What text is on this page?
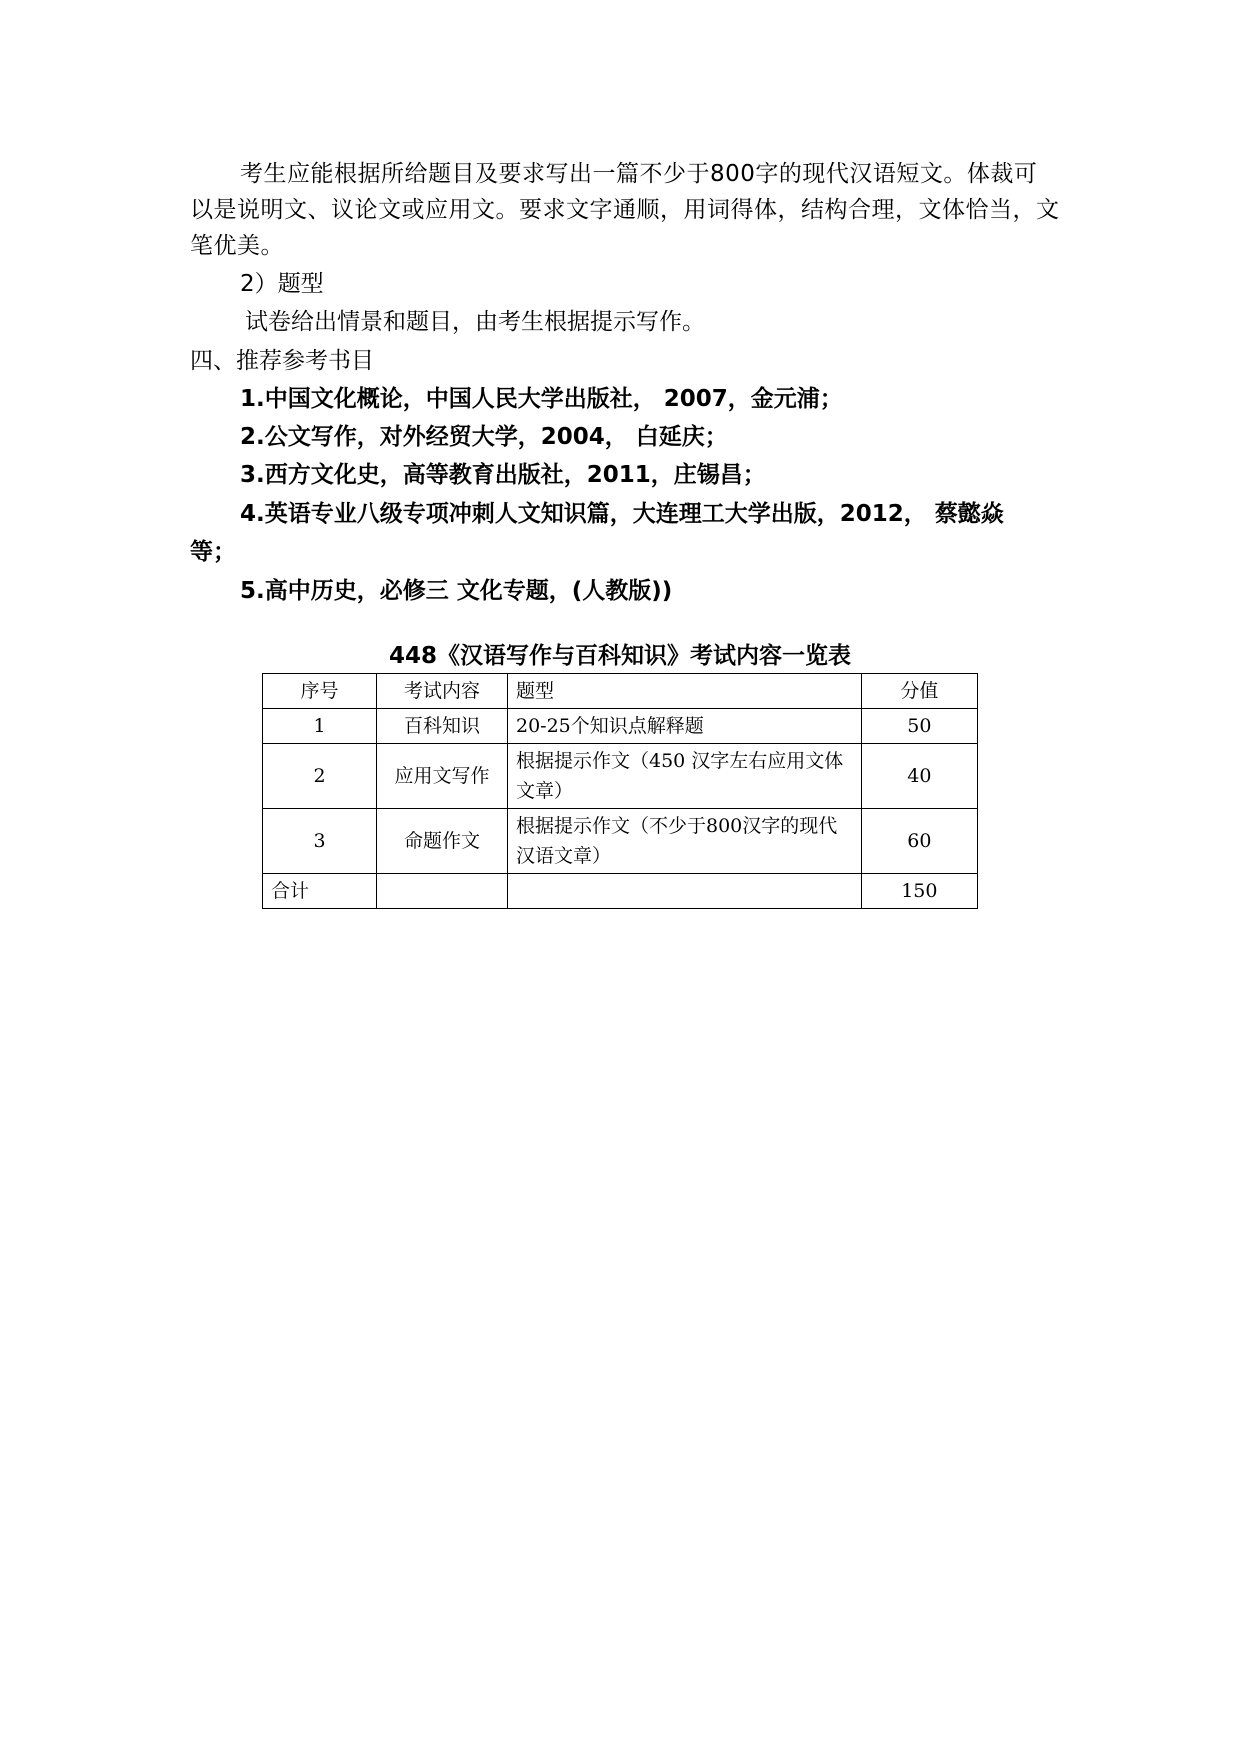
考生应能根据所给题目及要求写出一篇不少于800字的现代汉语短文。体裁可以是说明文、议论文或应用文。要求文字通顺，用词得体，结构合理，文体恰当，文笔优美。
2）题型
试卷给出情景和题目，由考生根据提示写作。
四、推荐参考书目
1.中国文化概论，中国人民大学出版社， 2007，金元浦；
2.公文写作，对外经贸大学，2004， 白延庆；
3.西方文化史，高等教育出版社，2011，庄锡昌；
4.英语专业八级专项冲刺人文知识篇，大连理工大学出版，2012， 蔡懿焱
等；
5.高中历史，必修三 文化专题，(人教版))
448《汉语写作与百科知识》考试内容一览表
序号	考试内容	题型	分值
1	百科知识	20-25个知识点解释题	50
2	应用文写作	根据提示作文（450 汉字左右应用文体文章）	40
3	命题作文	根据提示作文（不少于800汉字的现代汉语文章）	60
合计			150
